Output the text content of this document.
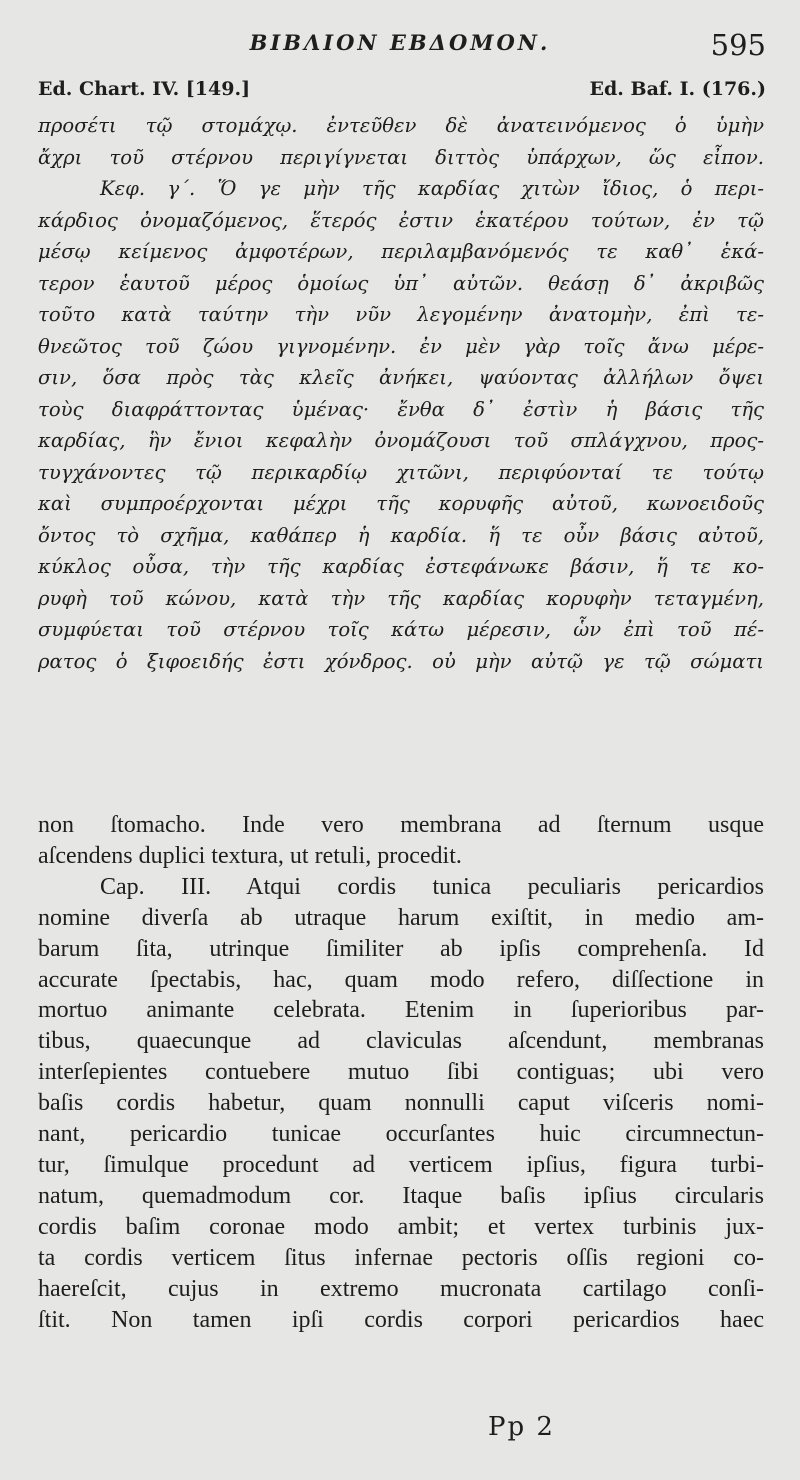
ΒΙΒΛΙΟΝ ΕΒΔΟΜΟΝ.	595
Ed. Chart. IV. [149.]	Ed. Baf. I. (176.)
προσέτι τῷ στομάχῳ. ἐντεῦθεν δὲ ἀνατεινόμενος ὁ ὑμὴν
ἄχρι τοῦ στέρνου περιγίγνεται διττὸς ὑπάρχων, ὥς εἶπον.
Κεφ. γ΄. Ὅ γε μὴν τῆς καρδίας χιτὼν ἴδιος, ὁ περι-
κάρδιος ὀνομαζόμενος, ἕτερός ἐστιν ἑκατέρου τούτων, ἐν τῷ
μέσῳ κείμενος ἀμφοτέρων, περιλαμβανόμενός τε καθ᾽ ἑκά-
τερον ἑαυτοῦ μέρος ὁμοίως ὑπ᾽ αὐτῶν. θεάσῃ δ᾽ ἀκριβῶς
τοῦτο κατὰ ταύτην τὴν νῦν λεγομένην ἀνατομὴν, ἐπὶ τε-
θνεῶτος τοῦ ζώου γιγνομένην. ἐν μὲν γὰρ τοῖς ἄνω μέρε-
σιν, ὅσα πρὸς τὰς κλεῖς ἀνήκει, ψαύοντας ἀλλήλων ὄψει
τοὺς διαφράττοντας ὑμένας· ἔνθα δ᾽ ἐστὶν ἡ βάσις τῆς
καρδίας, ἣν ἔνιοι κεφαλὴν ὀνομάζουσι τοῦ σπλάγχνου, προς-
τυγχάνοντες τῷ περικαρδίῳ χιτῶνι, περιφύονταί τε τούτῳ
καὶ συμπροέρχονται μέχρι τῆς κορυφῆς αὐτοῦ, κωνοειδοῦς
ὄντος τὸ σχῆμα, καθάπερ ἡ καρδία. ἥ τε οὖν βάσις αὐτοῦ,
κύκλος οὖσα, τὴν τῆς καρδίας ἐστεφάνωκε βάσιν, ἥ τε κο-
ρυφὴ τοῦ κώνου, κατὰ τὴν τῆς καρδίας κορυφὴν τεταγμένη,
συμφύεται τοῦ στέρνου τοῖς κάτω μέρεσιν, ὧν ἐπὶ τοῦ πέ-
ρατος ὁ ξιφοειδής ἐστι χόνδρος. οὐ μὴν αὐτῷ γε τῷ σώματι
non ſtomacho. Inde vero membrana ad ſternum usque
aſcendens duplici textura, ut retuli, procedit.
Cap. III. Atqui cordis tunica peculiaris pericardios
nomine diverſa ab utraque harum exiſtit, in medio am-
barum ſita, utrinque ſimiliter ab ipſis comprehenſa. Id
accurate ſpectabis, hac, quam modo refero, diſſectione in
mortuo animante celebrata. Etenim in ſuperioribus par-
tibus, quaecunque ad claviculas aſcendunt, membranas
interſepientes contuebere mutuo ſibi contiguas; ubi vero
baſis cordis habetur, quam nonnulli caput viſceris nomi-
nant, pericardio tunicae occurſantes huic circumnectun-
tur, ſimulque procedunt ad verticem ipſius, figura turbi-
natum, quemadmodum cor. Itaque baſis ipſius circularis
cordis baſim coronae modo ambit; et vertex turbinis jux-
ta cordis verticem ſitus infernae pectoris oſſis regioni co-
haereſcit, cujus in extremo mucronata cartilago conſi-
ſtit. Non tamen ipſi cordis corpori pericardios haec
Pp 2
